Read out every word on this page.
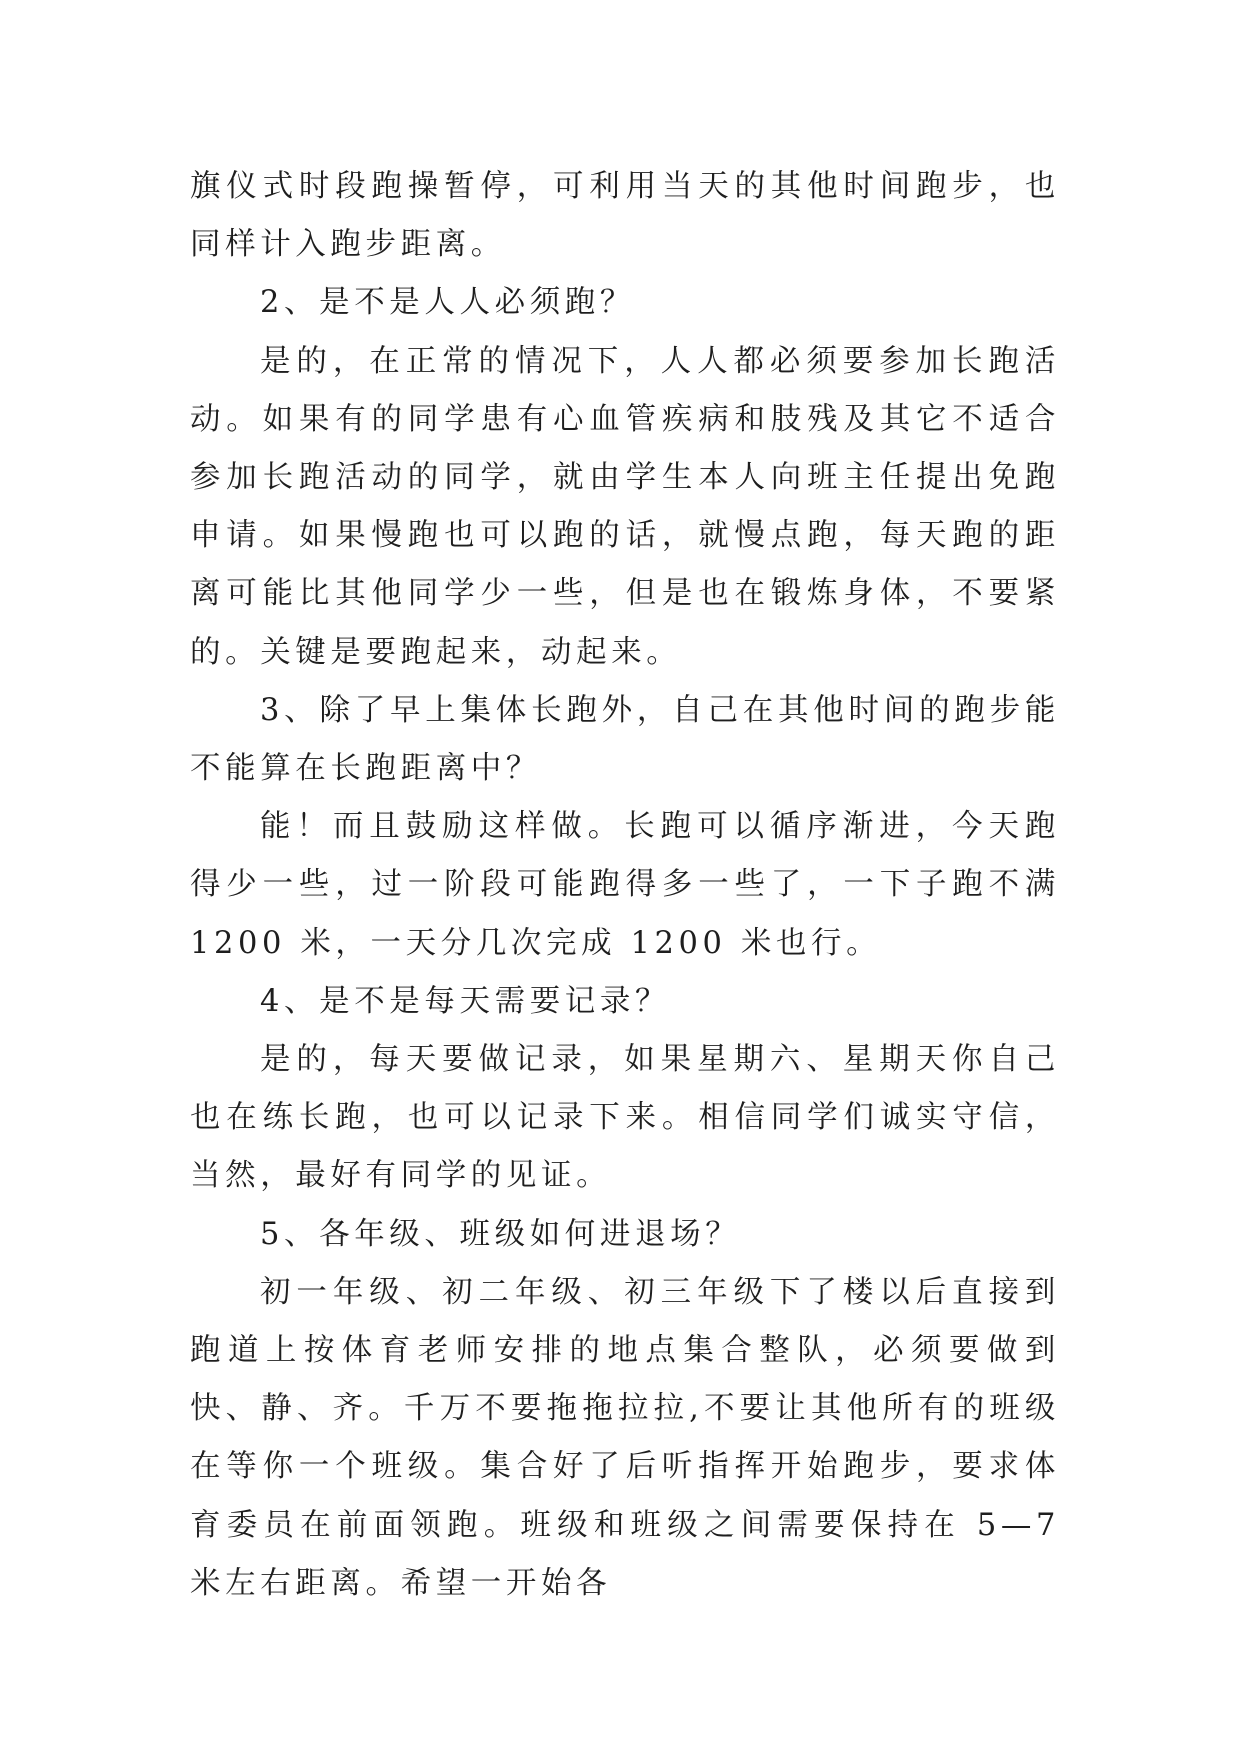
旗仪式时段跑操暂停，可利用当天的其他时间跑步，也同样计入跑步距离。

2、是不是人人必须跑？

是的，在正常的情况下，人人都必须要参加长跑活动。如果有的同学患有心血管疾病和肢残及其它不适合参加长跑活动的同学，就由学生本人向班主任提出免跑申请。如果慢跑也可以跑的话，就慢点跑，每天跑的距离可能比其他同学少一些，但是也在锻炼身体，不要紧的。关键是要跑起来，动起来。

3、除了早上集体长跑外，自己在其他时间的跑步能不能算在长跑距离中？

能！而且鼓励这样做。长跑可以循序渐进，今天跑得少一些，过一阶段可能跑得多一些了，一下子跑不满 1200 米，一天分几次完成 1200 米也行。

4、是不是每天需要记录？

是的，每天要做记录，如果星期六、星期天你自己也在练长跑，也可以记录下来。相信同学们诚实守信，当然，最好有同学的见证。

5、各年级、班级如何进退场？

初一年级、初二年级、初三年级下了楼以后直接到跑道上按体育老师安排的地点集合整队，必须要做到快、静、齐。千万不要拖拖拉拉,不要让其他所有的班级在等你一个班级。集合好了后听指挥开始跑步，要求体育委员在前面领跑。班级和班级之间需要保持在 5—7 米左右距离。希望一开始各
